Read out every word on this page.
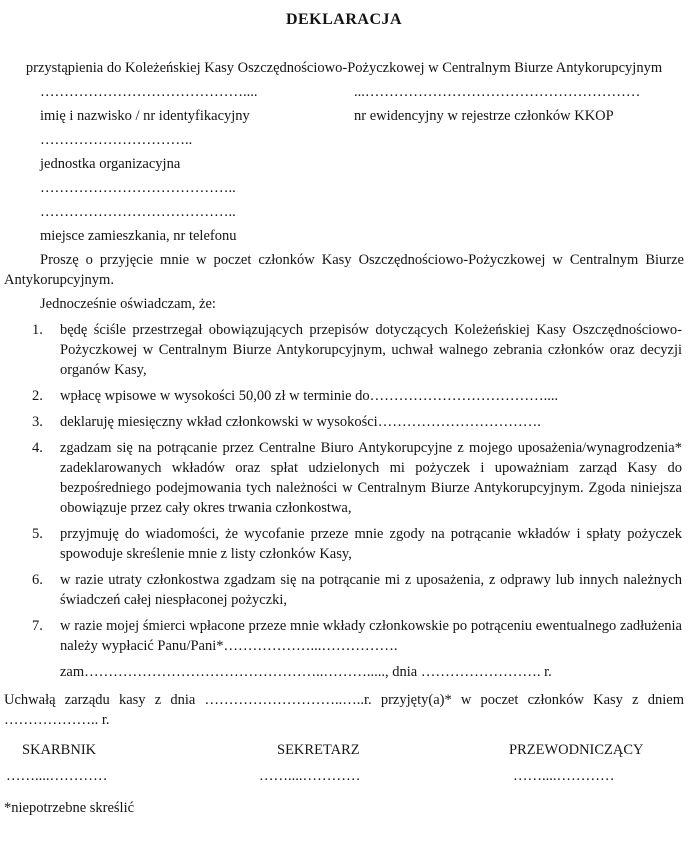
DEKLARACJA
przystąpienia do Koleżeńskiej Kasy Oszczędnościowo-Pożyczkowej w Centralnym Biurze Antykorupcyjnym
……………………………………....	...…………………………………………………
imię i nazwisko / nr identyfikacyjny	nr ewidencyjny w rejestrze członków KKOP
…………………………..
jednostka organizacyjna
…………………………………..
…………………………………..
miejsce zamieszkania, nr telefonu
Proszę o przyjęcie mnie w poczet członków Kasy Oszczędnościowo-Pożyczkowej w Centralnym Biurze Antykorupcyjnym.
Jednocześnie oświadczam, że:
1. będę ściśle przestrzegał obowiązujących przepisów dotyczących Koleżeńskiej Kasy Oszczędnościowo-Pożyczkowej w Centralnym Biurze Antykorupcyjnym, uchwał walnego zebrania członków oraz decyzji organów Kasy,
2. wpłacę wpisowe w wysokości 50,00 zł w terminie do………………………………....
3. deklaruję miesięczny wkład członkowski w wysokości…………………………….
4. zgadzam się na potrącanie przez Centralne Biuro Antykorupcyjne z mojego uposażenia/wynagrodzenia* zadeklarowanych wkładów oraz spłat udzielonych mi pożyczek i upoważniam zarząd Kasy do bezpośredniego podejmowania tych należności w Centralnym Biurze Antykorupcyjnym. Zgoda niniejsza obowiązuje przez cały okres trwania członkostwa,
5. przyjmuję do wiadomości, że wycofanie przeze mnie zgody na potrącanie wkładów i spłaty pożyczek spowoduje skreślenie mnie z listy członków Kasy,
6. w razie utraty członkostwa zgadzam się na potrącanie mi z uposażenia, z odprawy lub innych należnych świadczeń całej niespłaconej pożyczki,
7. w razie mojej śmierci wpłacone przeze mnie wkłady członkowskie po potrąceniu ewentualnego zadłużenia należy wypłacić Panu/Pani*………………...…………….
zam…………………………………………..………....., dnia ……………………. r.
Uchwałą zarządu kasy z dnia ………………………..…..r. przyjęty(a)* w poczet członków Kasy z dniem ……………….. r.
SKARBNIK
……....…………
SEKRETARZ
……....…………
PRZEWODNICZĄCY
……....…………
*niepotrzebne skreślić
